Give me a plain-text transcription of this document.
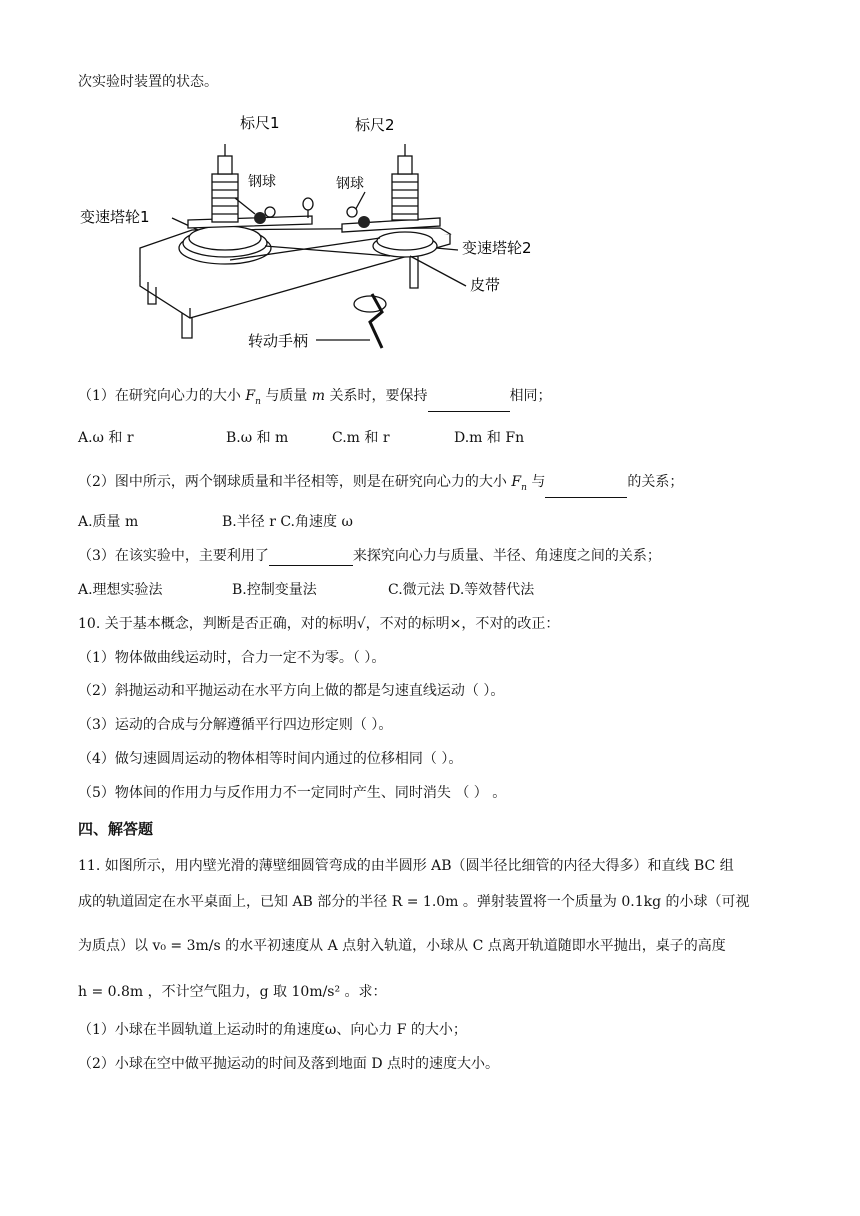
次实验时装置的状态。
标尺1	标尺2
钢球	钢球
变速塔轮1
变速塔轮2
皮带
转动手柄
（1）在研究向心力的大小 $F_n$ 与质量 m 关系时，要保持	相同；
A.ω 和 r	B.ω 和 m	C.m 和 r	D.m 和 Fn
（2）图中所示，两个钢球质量和半径相等，则是在研究向心力的大小 $F_n$ 与	的关系；
A.质量 m	B.半径 r C.角速度 ω
（3）在该实验中，主要利用了	来探究向心力与质量、半径、角速度之间的关系；
A.理想实验法	B.控制变量法	C.微元法 D.等效替代法
10. 关于基本概念，判断是否正确，对的标明√，不对的标明×，不对的改正：
（1）物体做曲线运动时，合力一定不为零。（ ）。
（2）斜抛运动和平抛运动在水平方向上做的都是匀速直线运动（ ）。
（3）运动的合成与分解遵循平行四边形定则（ ）。
（4）做匀速圆周运动的物体相等时间内通过的位移相同（ ）。
（5）物体间的作用力与反作用力不一定同时产生、同时消失 （ ） 。
四、解答题
11. 如图所示，用内壁光滑的薄壁细圆管弯成的由半圆形 AB（圆半径比细管的内径大得多）和直线 BC 组
成的轨道固定在水平桌面上，已知 AB 部分的半径 R = 1.0m 。弹射装置将一个质量为 0.1kg 的小球（可视
为质点）以 v₀ = 3m/s 的水平初速度从 A 点射入轨道，小球从 C 点离开轨道随即水平抛出，桌子的高度
h = 0.8m ，不计空气阻力，g 取 10m/s² 。求：
（1）小球在半圆轨道上运动时的角速度ω、向心力 F 的大小；
（2）小球在空中做平抛运动的时间及落到地面 D 点时的速度大小。
